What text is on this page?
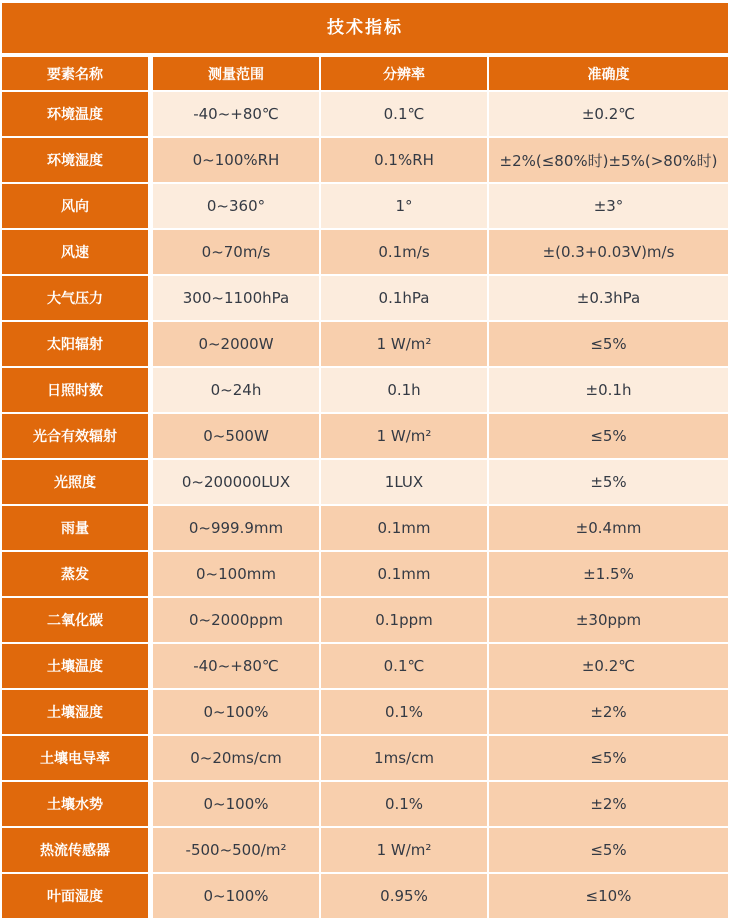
技术指标
要素名称	测量范围	分辨率	准确度
环境温度	-40~+80℃	0.1℃	±0.2℃
环境湿度	0~100%RH	0.1%RH	±2%(≤80%时)±5%(>80%时)
风向	0~360°	1°	±3°
风速	0~70m/s	0.1m/s	±(0.3+0.03V)m/s
大气压力	300~1100hPa	0.1hPa	±0.3hPa
太阳辐射	0~2000W	1 W/m²	≤5%
日照时数	0~24h	0.1h	±0.1h
光合有效辐射	0~500W	1 W/m²	≤5%
光照度	0~200000LUX	1LUX	±5%
雨量	0~999.9mm	0.1mm	±0.4mm
蒸发	0~100mm	0.1mm	±1.5%
二氧化碳	0~2000ppm	0.1ppm	±30ppm
土壤温度	-40~+80℃	0.1℃	±0.2℃
土壤湿度	0~100%	0.1%	±2%
土壤电导率	0~20ms/cm	1ms/cm	≤5%
土壤水势	0~100%	0.1%	±2%
热流传感器	-500~500/m²	1 W/m²	≤5%
叶面湿度	0~100%	0.95%	≤10%
